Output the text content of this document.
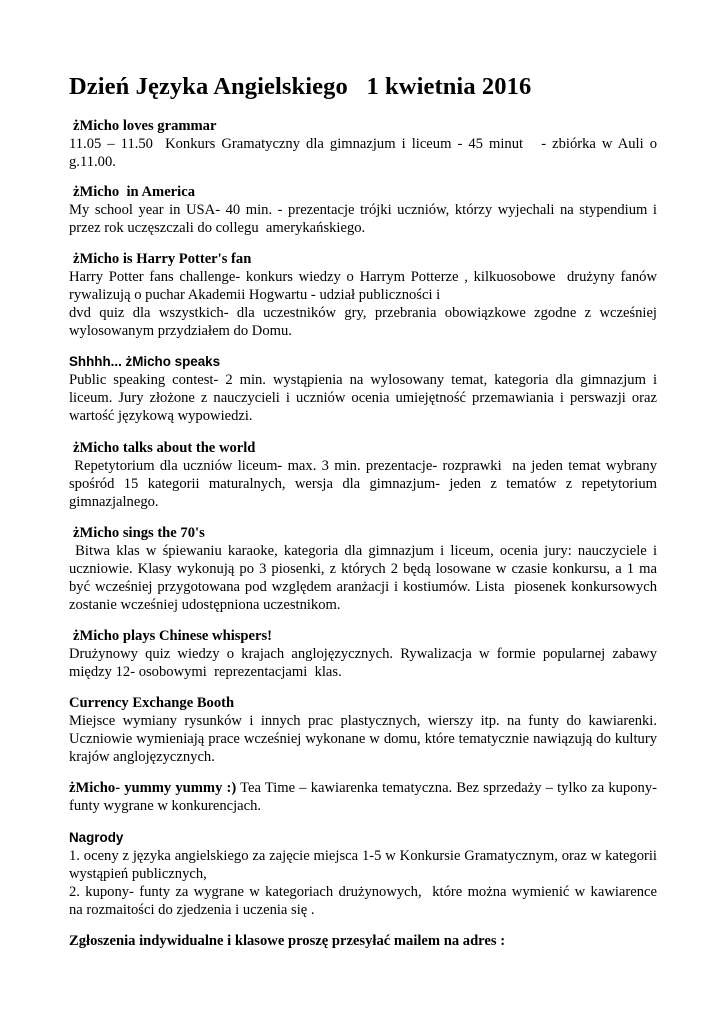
Dzień Języka Angielskiego   1 kwietnia 2016
żMicho loves grammar
11.05 – 11.50  Konkurs Gramatyczny dla gimnazjum i liceum - 45 minut   - zbiórka w Auli o
g.11.00.
żMicho  in America
My school year in USA- 40 min. - prezentacje trójki uczniów, którzy wyjechali na stypendium i
przez rok uczęszczali do collegu  amerykańskiego.
żMicho is Harry Potter's fan
Harry Potter fans challenge- konkurs wiedzy o Harrym Potterze , kilkuosobowe  drużyny fanów
rywalizują o puchar Akademii Hogwartu - udział publiczności i
dvd quiz dla wszystkich- dla uczestników gry, przebrania obowiązkowe zgodne z wcześniej
wylosowanym przydziałem do Domu.
Shhhh... żMicho speaks
Public speaking contest- 2 min. wystąpienia na wylosowany temat, kategoria dla gimnazjum i
liceum. Jury złożone z nauczycieli i uczniów ocenia umiejętność przemawiania i perswazji oraz
wartość językową wypowiedzi.
żMicho talks about the world
Repetytorium dla uczniów liceum- max. 3 min. prezentacje- rozprawki  na jeden temat wybrany
spośród 15 kategorii maturalnych, wersja dla gimnazjum- jeden z tematów z repetytorium
gimnazjalnego.
żMicho sings the 70's
Bitwa klas w śpiewaniu karaoke, kategoria dla gimnazjum i liceum, ocenia jury: nauczyciele i
uczniowie. Klasy wykonują po 3 piosenki, z których 2 będą losowane w czasie konkursu, a 1 ma
być wcześniej przygotowana pod względem aranżacji i kostiumów. Lista  piosenek konkursowych
zostanie wcześniej udostępniona uczestnikom.
żMicho plays Chinese whispers!
Drużynowy quiz wiedzy o krajach anglojęzycznych. Rywalizacja w formie popularnej zabawy
między 12- osobowymi  reprezentacjami  klas.
Currency Exchange Booth
Miejsce wymiany rysunków i innych prac plastycznych, wierszy itp. na funty do kawiarenki.
Uczniowie wymieniają prace wcześniej wykonane w domu, które tematycznie nawiązują do kultury
krajów anglojęzycznych.
żMicho- yummy yummy :) Tea Time – kawiarenka tematyczna. Bez sprzedaży – tylko za kupony-
funty wygrane w konkurencjach.
Nagrody
1. oceny z języka angielskiego za zajęcie miejsca 1-5 w Konkursie Gramatycznym, oraz w kategorii
wystąpień publicznych,
2. kupony- funty za wygrane w kategoriach drużynowych,  które można wymienić w kawiarence
na rozmaitości do zjedzenia i uczenia się .
Zgłoszenia indywidualne i klasowe proszę przesyłać mailem na adres :
